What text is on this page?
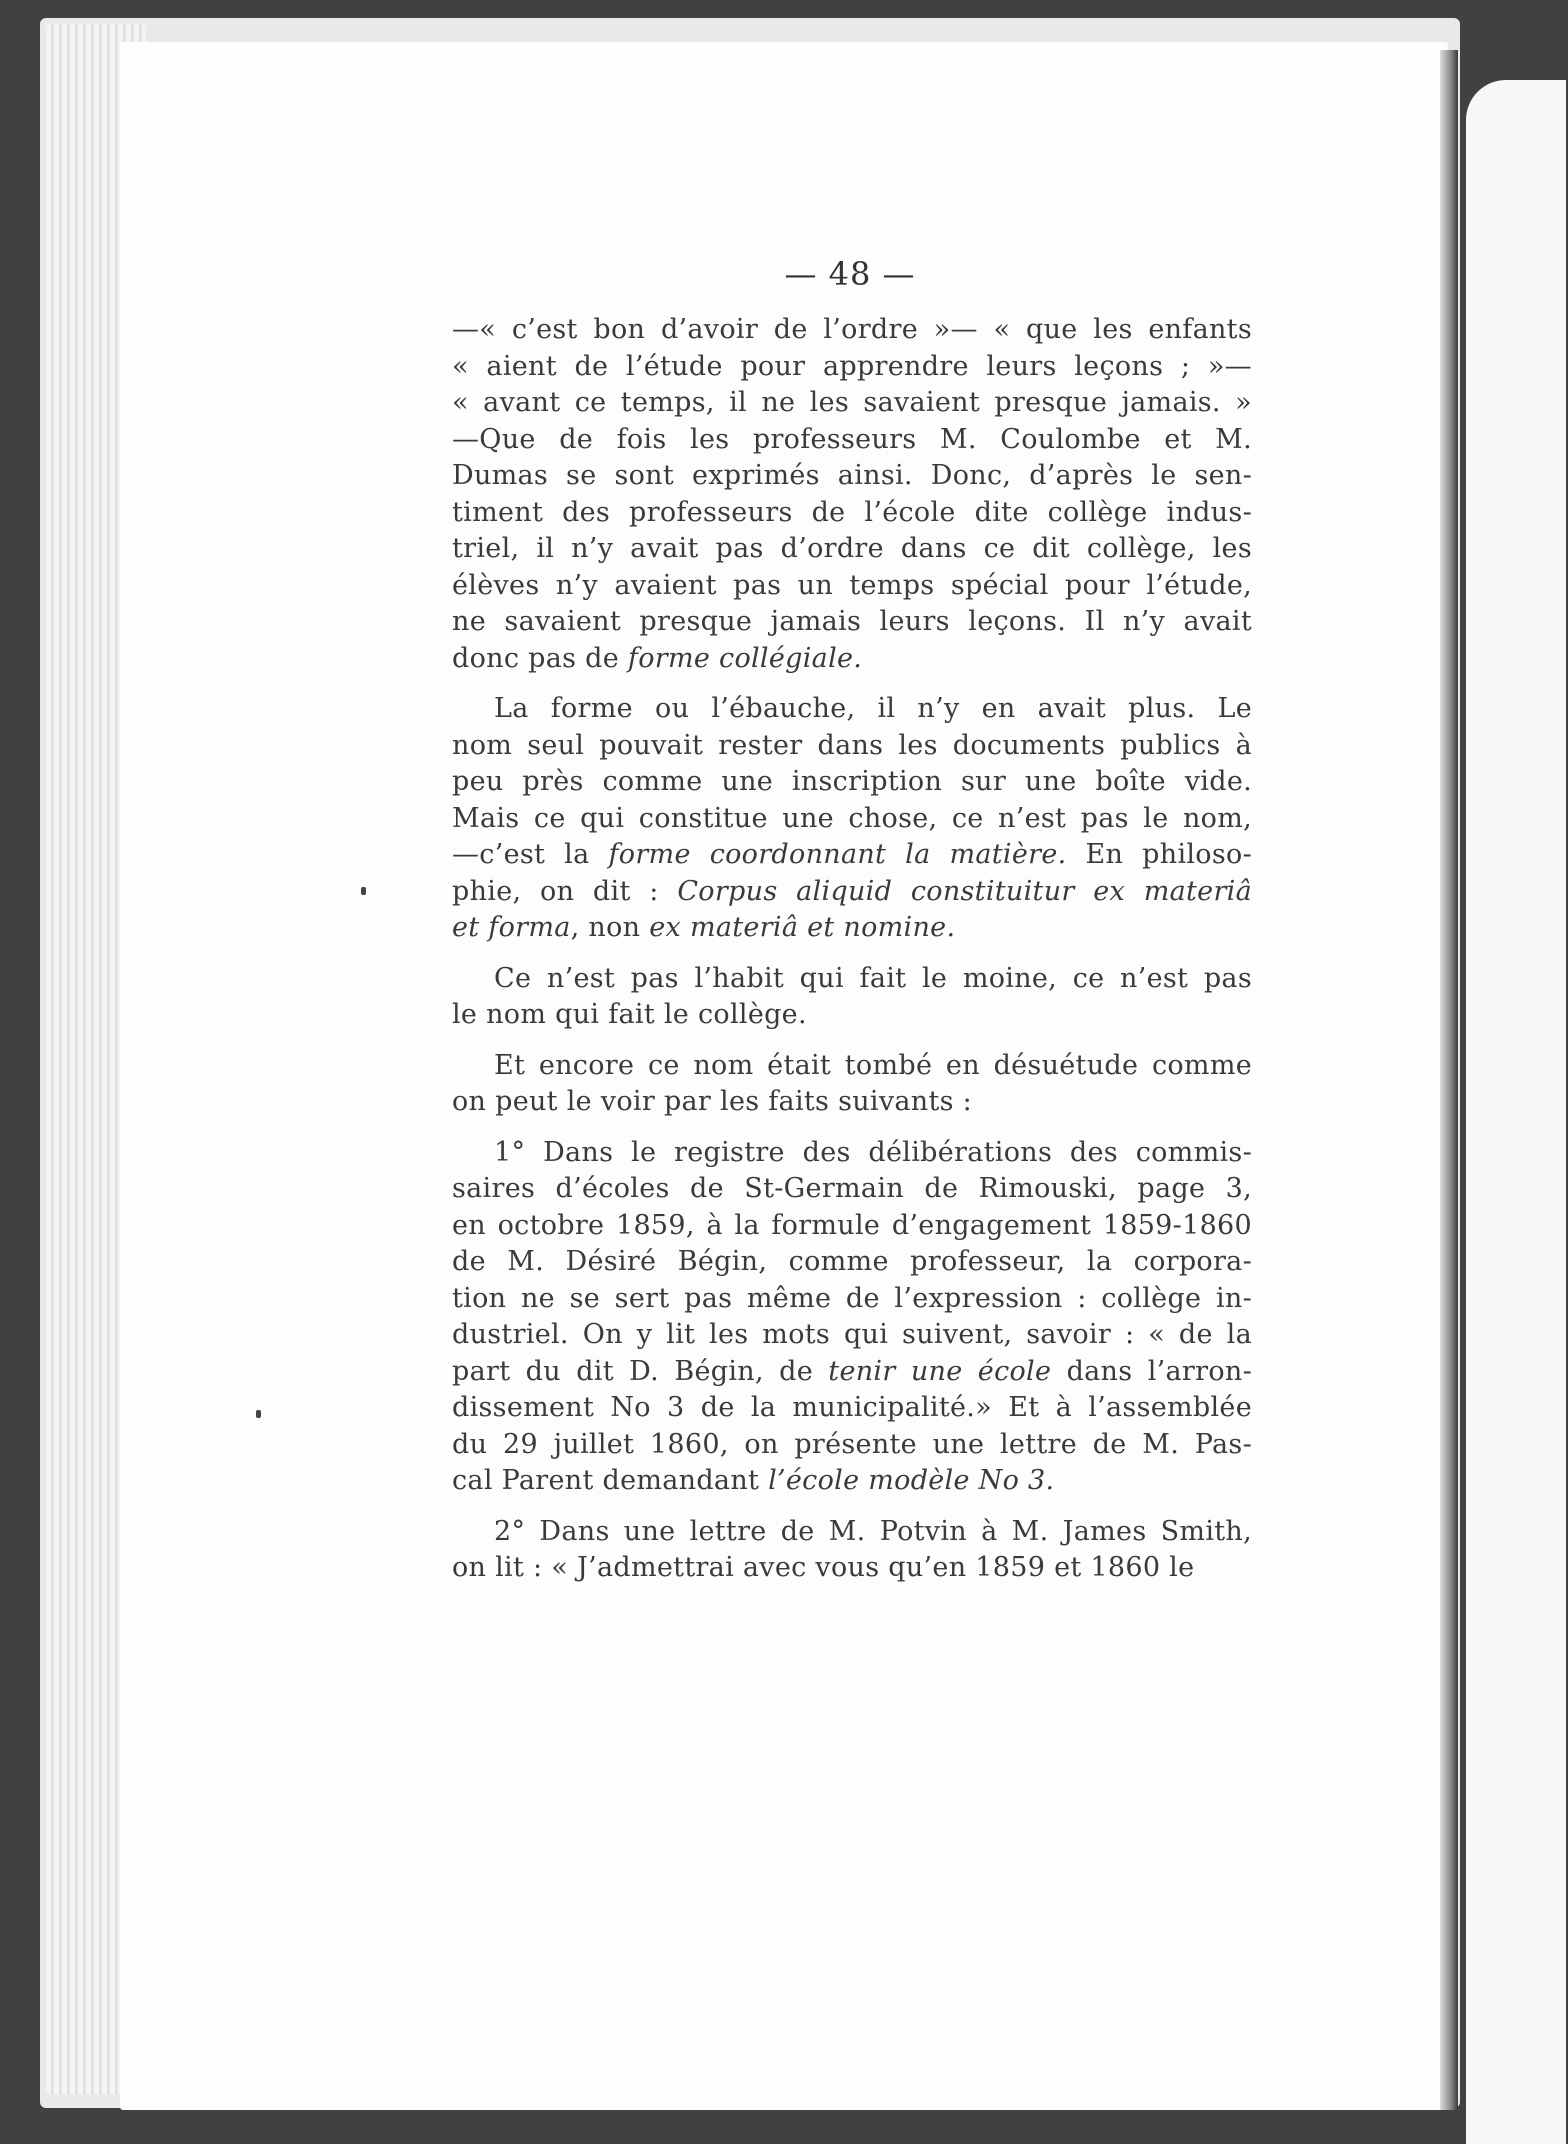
— 48 —
—« c’est bon d’avoir de l’ordre »— « que les enfants
« aient de l’étude pour apprendre leurs leçons ; »—
« avant ce temps, il ne les savaient presque jamais. »
—Que de fois les professeurs M. Coulombe et M.
Dumas se sont exprimés ainsi. Donc, d’après le sen-
timent des professeurs de l’école dite collège indus-
triel, il n’y avait pas d’ordre dans ce dit collège, les
élèves n’y avaient pas un temps spécial pour l’étude,
ne savaient presque jamais leurs leçons. Il n’y avait
donc pas de forme collégiale.
La forme ou l’ébauche, il n’y en avait plus. Le
nom seul pouvait rester dans les documents publics à
peu près comme une inscription sur une boîte vide.
Mais ce qui constitue une chose, ce n’est pas le nom,
—c’est la forme coordonnant la matière. En philoso-
phie, on dit : Corpus aliquid constituitur ex materiâ
et forma, non ex materiâ et nomine.
Ce n’est pas l’habit qui fait le moine, ce n’est pas
le nom qui fait le collège.
Et encore ce nom était tombé en désuétude comme
on peut le voir par les faits suivants :
1° Dans le registre des délibérations des commis-
saires d’écoles de St-Germain de Rimouski, page 3,
en octobre 1859, à la formule d’engagement 1859-1860
de M. Désiré Bégin, comme professeur, la corpora-
tion ne se sert pas même de l’expression : collège in-
dustriel. On y lit les mots qui suivent, savoir : « de la
part du dit D. Bégin, de tenir une école dans l’arron-
dissement No 3 de la municipalité.» Et à l’assemblée
du 29 juillet 1860, on présente une lettre de M. Pas-
cal Parent demandant l’école modèle No 3.
2° Dans une lettre de M. Potvin à M. James Smith,
on lit : « J’admettrai avec vous qu’en 1859 et 1860 le
